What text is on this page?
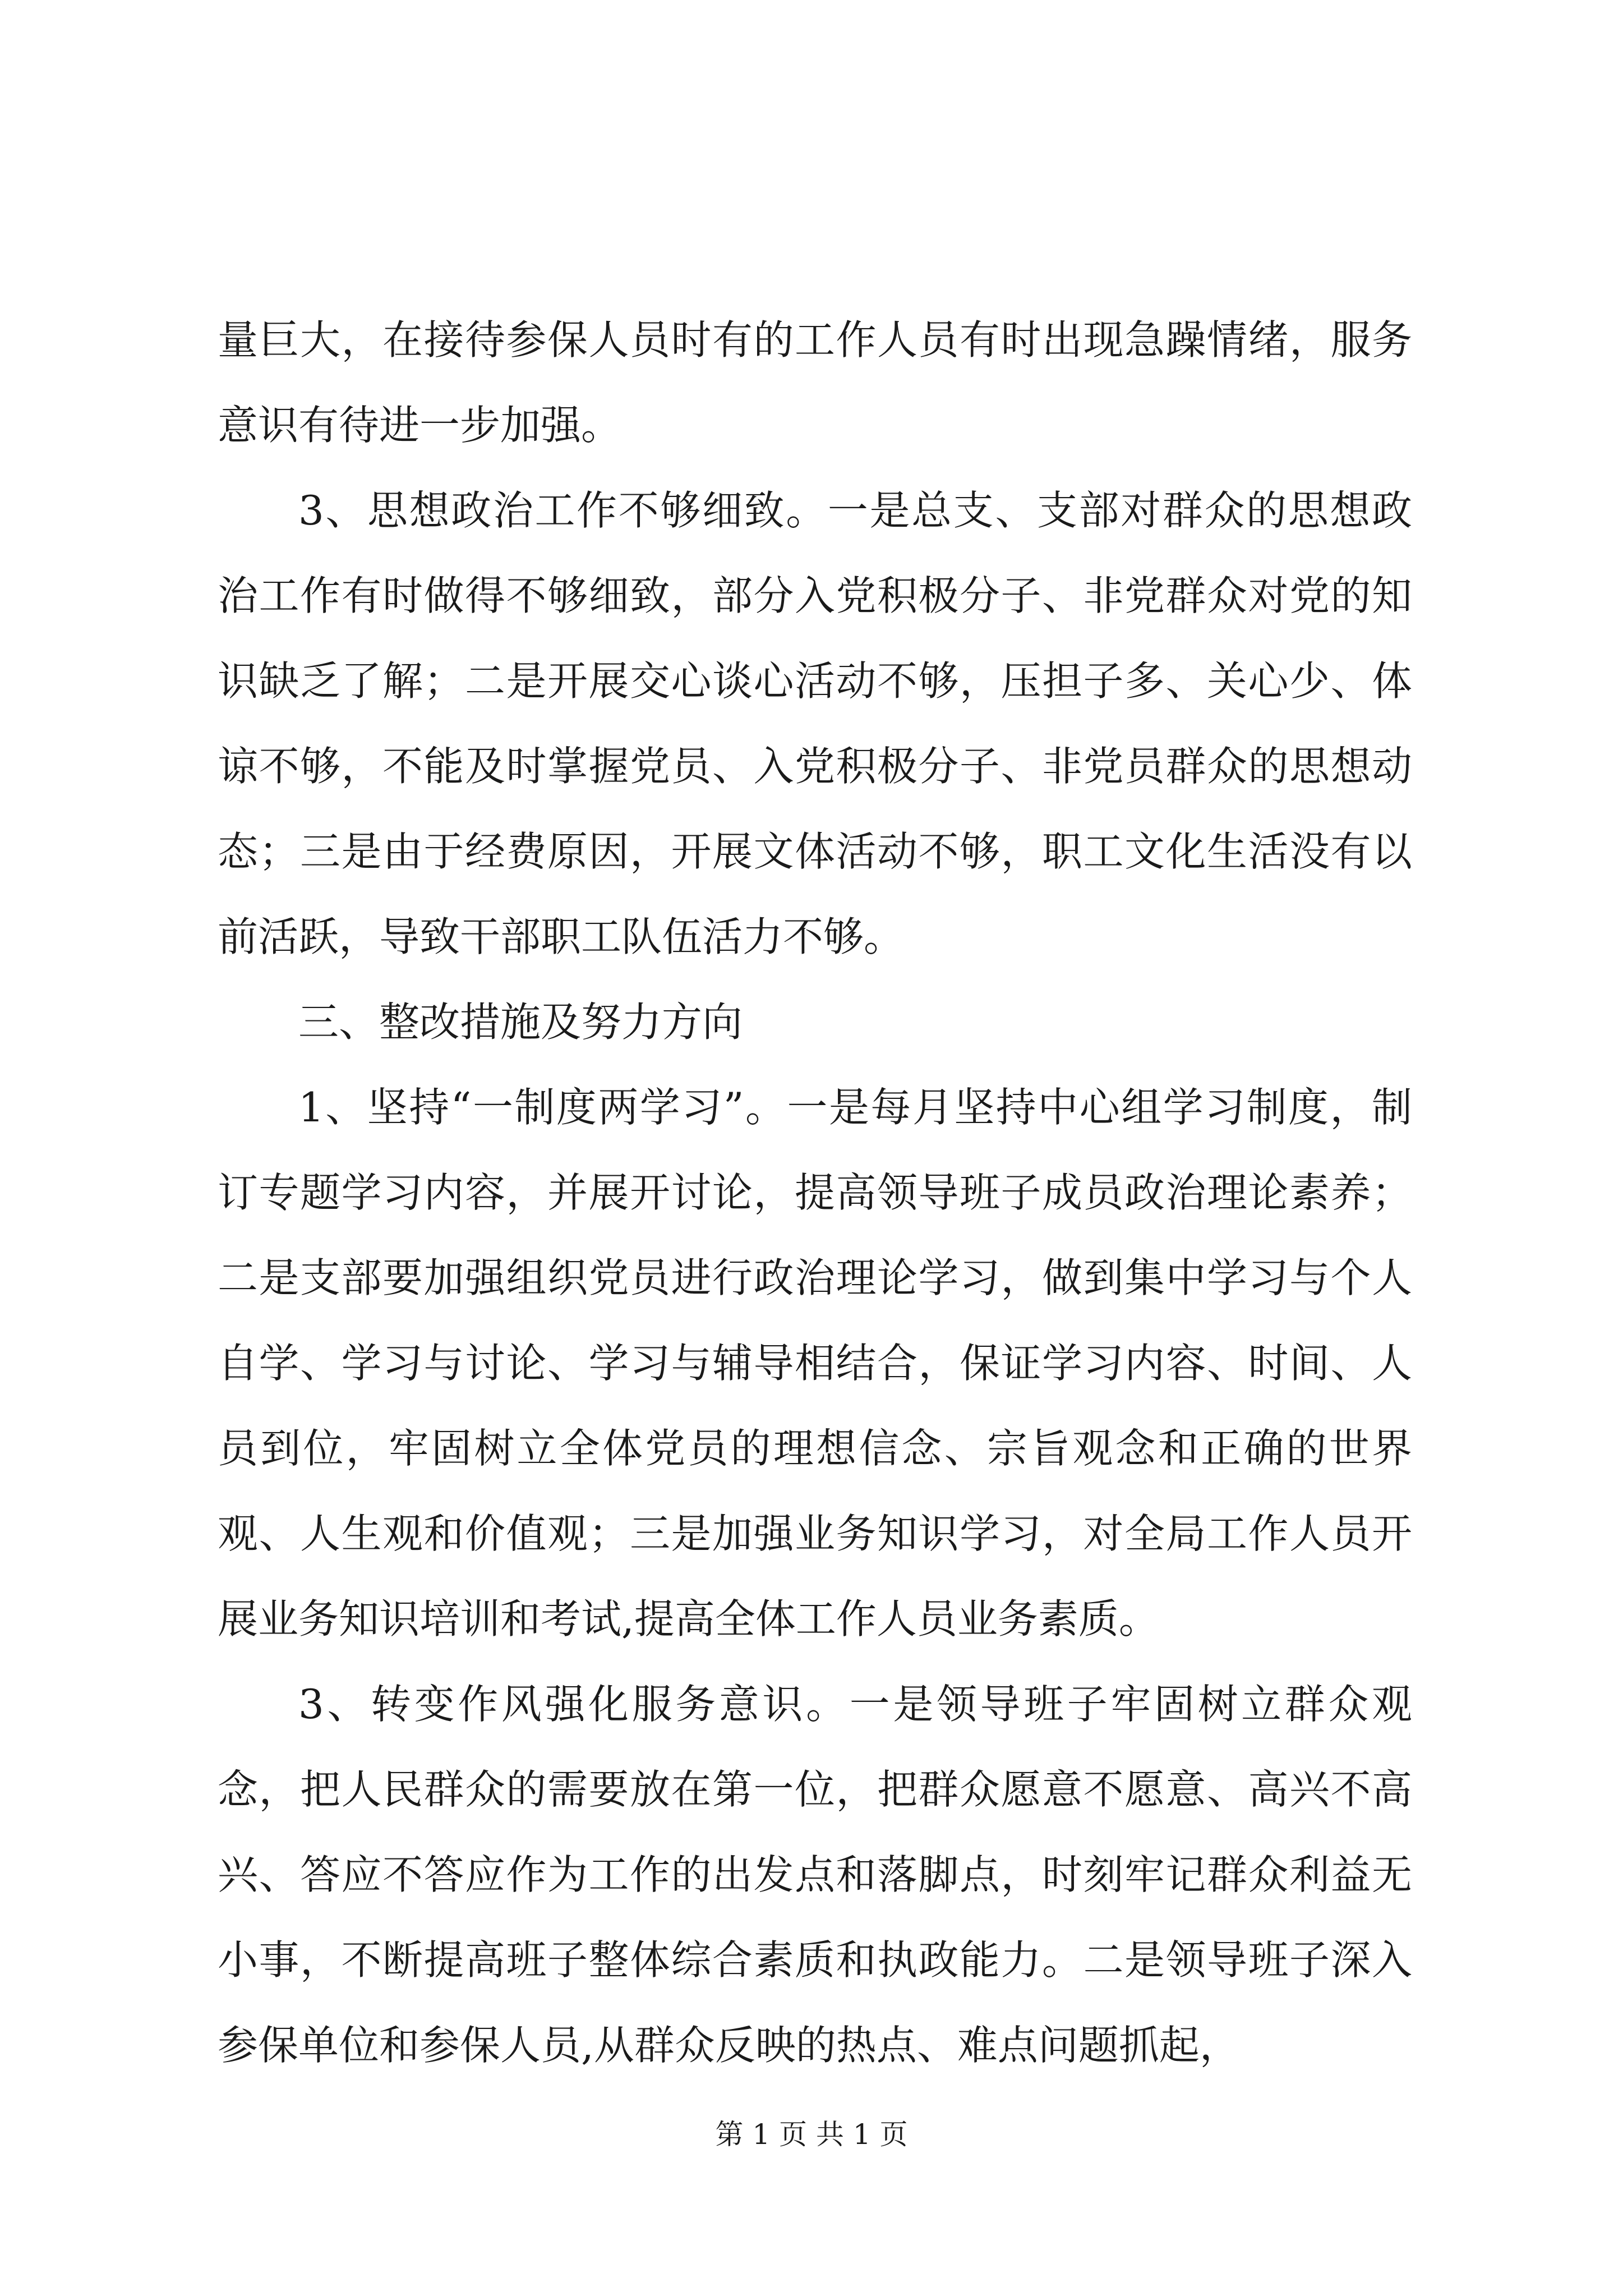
量巨大，在接待参保人员时有的工作人员有时出现急躁情绪，服务意识有待进一步加强。

3、思想政治工作不够细致。一是总支、支部对群众的思想政治工作有时做得不够细致，部分入党积极分子、非党群众对党的知识缺乏了解；二是开展交心谈心活动不够，压担子多、关心少、体谅不够，不能及时掌握党员、入党积极分子、非党员群众的思想动态；三是由于经费原因，开展文体活动不够，职工文化生活没有以前活跃，导致干部职工队伍活力不够。

三、整改措施及努力方向

1、坚持“一制度两学习”。一是每月坚持中心组学习制度，制订专题学习内容，并展开讨论，提高领导班子成员政治理论素养；二是支部要加强组织党员进行政治理论学习，做到集中学习与个人自学、学习与讨论、学习与辅导相结合，保证学习内容、时间、人员到位，牢固树立全体党员的理想信念、宗旨观念和正确的世界观、人生观和价值观；三是加强业务知识学习，对全局工作人员开展业务知识培训和考试,提高全体工作人员业务素质。

3、转变作风强化服务意识。一是领导班子牢固树立群众观念，把人民群众的需要放在第一位，把群众愿意不愿意、高兴不高兴、答应不答应作为工作的出发点和落脚点，时刻牢记群众利益无小事，不断提高班子整体综合素质和执政能力。二是领导班子深入参保单位和参保人员,从群众反映的热点、难点问题抓起，

第 1 页 共 1 页
